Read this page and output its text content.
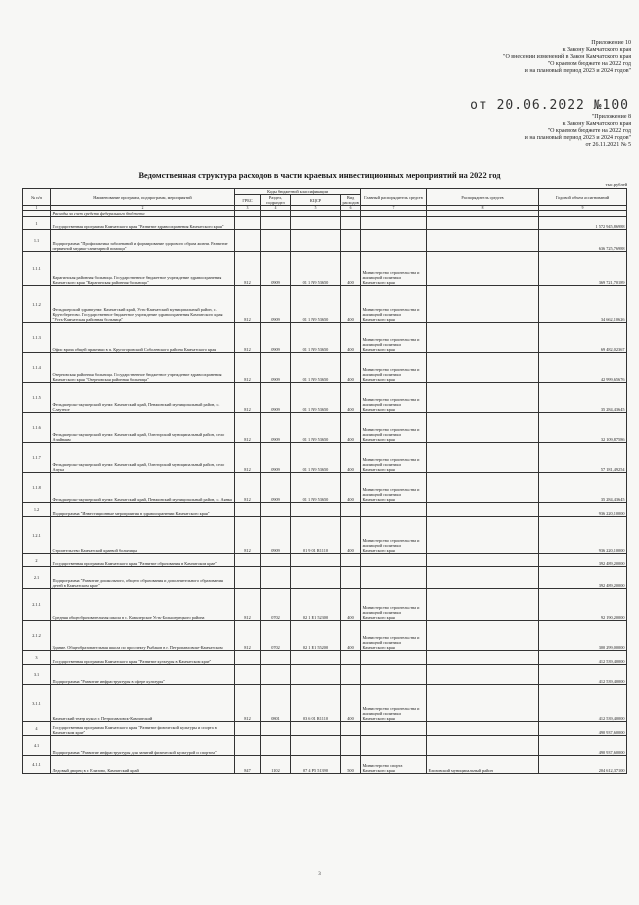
Приложение 10
к Закону Камчатского края
"О внесении изменений в Закон Камчатского края
"О краевом бюджете на 2022 год
и на плановый период 2023 и 2024 годов"
от 20.06.2022 №100
"Приложение 8
к Закону Камчатского края
"О краевом бюджете на 2022 год
и на плановый период 2023 и 2024 годов"
от 26.11.2021 № 5
Ведомственная структура расходов в части краевых инвестиционных мероприятий на 2022 год
тыс.рублей
№ п/п	Наименование программ, подпрограмм, мероприятий	Коды бюджетной классификации				Главный распорядитель средств	Распорядитель средств	Годовой объем ассигнований
		ГРБС	Раздел, подраздел	КЦСР	Вид расходов			
1	2	3	4	5	6	7	8	9
	Расходы за счет средств федерального бюджета							
1	Государственная программа Камчатского края "Развитие здравоохранения Камчатского края"							1 572 945,86988
1.1	Подпрограмма "Профилактика заболеваний и формирование здорового образа жизни. Развитие первичной медико-санитарной помощи"							636 725,76988
1.1.1	Карагинская районная больница. Государственное бюджетное учреждение здравоохранения Камчатского края "Карагинская районная больница"	812	0909	01 1 N9 53650	400	Министерство строительства и жилищной политики Камчатского края		369 721,70189
1.1.2	Фельдшерский здравпункт. Камчатский край, Усть-Камчатский муниципальный район, с. Крутоберегово. Государственное бюджетное учреждение здравоохранения Камчатского края "Усть-Камчатская районная больница"	812	0909	01 1 N9 53650	400	Министерство строительства и жилищной политики Камчатского края		34 662,10626
1.1.3	Офис врача общей практики в п. Кругогоровский Соболевского района Камчатского края	812	0909	01 1 N9 53650	400	Министерство строительства и жилищной политики Камчатского края		69 482,02367
1.1.4	Озерновская районная больница. Государственное бюджетное учреждение здравоохранения Камчатского края "Озерновская районная больница"	812	0909	01 1 N9 53650	400	Министерство строительства и жилищной политики Камчатского края		42 999,65676
1.1.5	Фельдшерско-акушерский пункт. Камчатский край, Пенжинский муниципальный район, с. Слаутное	812	0909	01 1 N9 53650	400	Министерство строительства и жилищной политики Камчатского края		35 284,43645
1.1.6	Фельдшерско-акушерский пункт. Камчатский край, Олюторский муниципальный район, село Ачайваям	812	0909	01 1 N9 53650	400	Министерство строительства и жилищной политики Камчатского края		32 109,87586
1.1.7	Фельдшерско-акушерский пункт. Камчатский край, Олюторский муниципальный район, село Апука	812	0909	01 1 N9 53650	400	Министерство строительства и жилищной политики Камчатского края		57 181,49254
1.1.8	Фельдшерско-акушерский пункт. Камчатский край, Пенжинский муниципальный район, с. Аянка	812	0909	01 1 N9 53650	400	Министерство строительства и жилищной политики Камчатского края		35 284,43645
1.2	Подпрограмма "Инвестиционные мероприятия в здравоохранении Камчатского края"							936 220,10000
1.2.1	Строительство Камчатской краевой больницы	812	0909	01 9 01 R1110	400	Министерство строительства и жилищной политики Камчатского края		936 220,10000
2	Государственная программа Камчатского края "Развитие образования в Камчатском крае"							392 489,20000
2.1	Подпрограмма "Развитие дошкольного, общего образования и дополнительного образования детей в Камчатском крае"							392 489,20000
2.1.1	Средняя общеобразовательная школа в с. Кавалерское Усть-Большерецкого района	812	0702	02 1 E1 52300	400	Министерство строительства и жилищной политики Камчатского края		92 190,20000
2.1.2	Здание. Общеобразовательная школа по проспекту Рыбаков в г. Петропавловске-Камчатском	812	0702	02 1 E1 55200	400	Министерство строительства и жилищной политики Камчатского края		300 299,00000
3	Государственная программа Камчатского края "Развитие культуры в Камчатском крае"							412 539,40000
3.1	Подпрограмма "Развитие инфраструктуры в сфере культуры"							412 539,40000
3.1.1	Камчатский театр кукол г. Петропавловск-Камчатский	812	0801	03 6 01 R1110	400	Министерство строительства и жилищной политики Камчатского края		412 539,40000
4	Государственная программа Камчатского края "Развитие физической культуры и спорта в Камчатском крае"							490 937,60000
4.1	Подпрограмма "Развитие инфраструктуры для занятий физической культурой и спортом"							490 937,60000
4.1.1	Ледовый дворец в г. Елизово, Камчатский край	847	1102	07 4 P5 51390	500	Министерство спорта Камчатского края	Елизовский муниципальный район	204 612,37100
3
